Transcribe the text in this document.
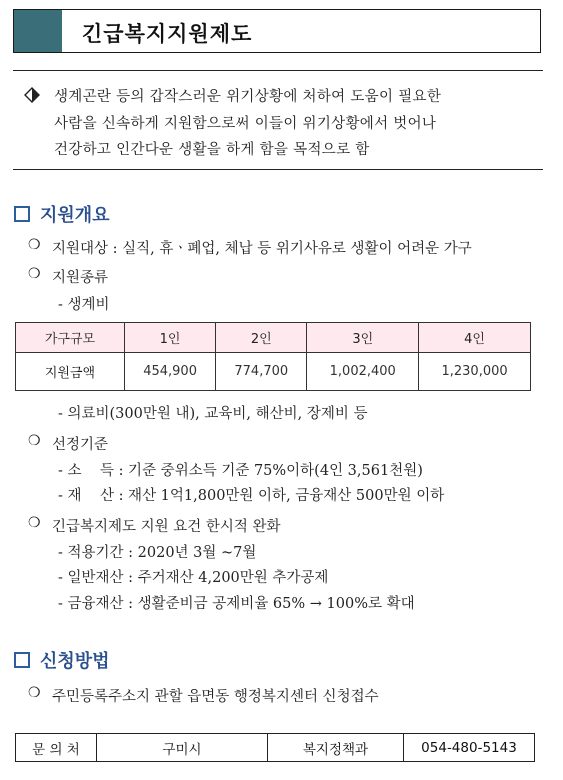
긴급복지지원제도
생계곤란 등의 갑작스러운 위기상황에 처하여 도움이 필요한
사람을 신속하게 지원함으로써 이들이 위기상황에서 벗어나
건강하고 인간다운 생활을 하게 함을 목적으로 함
지원개요
❍ 지원대상 : 실직, 휴ㆍ폐업, 체납 등 위기사유로 생활이 어려운 가구
❍ 지원종류
- 생계비
가구규모	1인	2인	3인	4인
지원금액	454,900	774,700	1,002,400	1,230,000
- 의료비(300만원 내), 교육비, 해산비, 장제비 등
❍ 선정기준
- 소    득 : 기준 중위소득 기준 75%이하(4인 3,561천원)
- 재    산 : 재산 1억1,800만원 이하, 금융재산 500만원 이하
❍ 긴급복지제도 지원 요건 한시적 완화
- 적용기간 : 2020년 3월 ~7월
- 일반재산 : 주거재산 4,200만원 추가공제
- 금융재산 : 생활준비금 공제비율 65% → 100%로 확대
신청방법
❍ 주민등록주소지 관할 읍면동 행정복지센터 신청접수
문 의 처	구미시	복지정책과	054-480-5143
